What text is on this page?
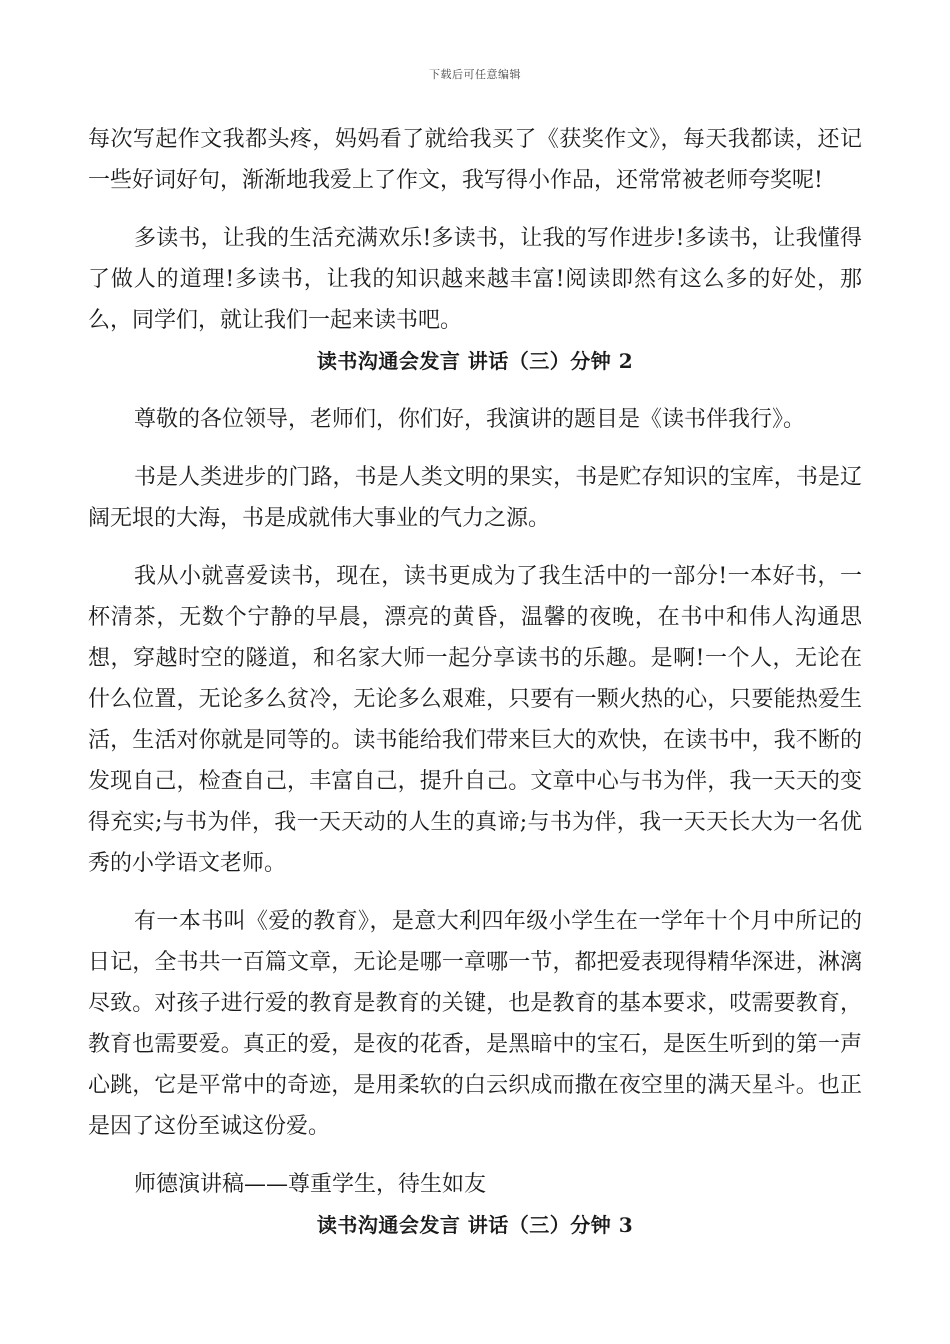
下载后可任意编辑

每次写起作文我都头疼，妈妈看了就给我买了《获奖作文》，每天我都读，还记一些好词好句，渐渐地我爱上了作文，我写得小作品，还常常被老师夸奖呢!

多读书，让我的生活充满欢乐!多读书，让我的写作进步!多读书，让我懂得了做人的道理!多读书，让我的知识越来越丰富!阅读即然有这么多的好处，那么，同学们，就让我们一起来读书吧。

读书沟通会发言 讲话（三）分钟 2

尊敬的各位领导，老师们，你们好，我演讲的题目是《读书伴我行》。

书是人类进步的门路，书是人类文明的果实，书是贮存知识的宝库，书是辽阔无垠的大海，书是成就伟大事业的气力之源。

我从小就喜爱读书，现在，读书更成为了我生活中的一部分!一本好书，一杯清茶，无数个宁静的早晨，漂亮的黄昏，温馨的夜晚，在书中和伟人沟通思想，穿越时空的隧道，和名家大师一起分享读书的乐趣。是啊!一个人，无论在什么位置，无论多么贫冷，无论多么艰难，只要有一颗火热的心，只要能热爱生活，生活对你就是同等的。读书能给我们带来巨大的欢快，在读书中，我不断的发现自己，检查自己，丰富自己，提升自己。文章中心与书为伴，我一天天的变得充实;与书为伴，我一天天动的人生的真谛;与书为伴，我一天天长大为一名优秀的小学语文老师。

有一本书叫《爱的教育》，是意大利四年级小学生在一学年十个月中所记的日记，全书共一百篇文章，无论是哪一章哪一节，都把爱表现得精华深进，淋漓尽致。对孩子进行爱的教育是教育的关键，也是教育的基本要求，哎需要教育，教育也需要爱。真正的爱，是夜的花香，是黑暗中的宝石，是医生听到的第一声心跳，它是平常中的奇迹，是用柔软的白云织成而撒在夜空里的满天星斗。也正是因了这份至诚这份爱。

师德演讲稿——尊重学生，待生如友

读书沟通会发言 讲话（三）分钟 3
